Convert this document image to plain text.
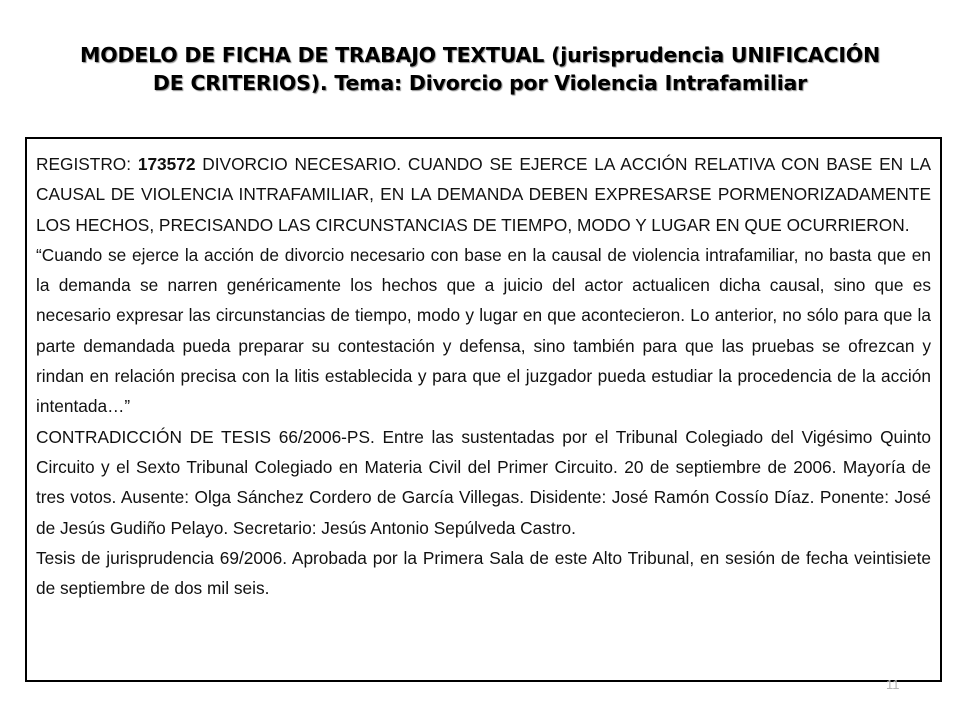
MODELO DE FICHA DE TRABAJO TEXTUAL (jurisprudencia UNIFICACIÓN
DE CRITERIOS). Tema: Divorcio por Violencia Intrafamiliar

REGISTRO: 173572 DIVORCIO NECESARIO. CUANDO SE EJERCE LA ACCIÓN RELATIVA CON BASE EN LA CAUSAL DE VIOLENCIA INTRAFAMILIAR, EN LA DEMANDA DEBEN EXPRESARSE PORMENORIZADAMENTE LOS HECHOS, PRECISANDO LAS CIRCUNSTANCIAS DE TIEMPO, MODO Y LUGAR EN QUE OCURRIERON.

“Cuando se ejerce la acción de divorcio necesario con base en la causal de violencia intrafamiliar, no basta que en la demanda se narren genéricamente los hechos que a juicio del actor actualicen dicha causal, sino que es necesario expresar las circunstancias de tiempo, modo y lugar en que acontecieron. Lo anterior, no sólo para que la parte demandada pueda preparar su contestación y defensa, sino también para que las pruebas se ofrezcan y rindan en relación precisa con la litis establecida y para que el juzgador pueda estudiar la procedencia de la acción intentada…”

CONTRADICCIÓN DE TESIS 66/2006-PS. Entre las sustentadas por el Tribunal Colegiado del Vigésimo Quinto Circuito y el Sexto Tribunal Colegiado en Materia Civil del Primer Circuito. 20 de septiembre de 2006. Mayoría de tres votos. Ausente: Olga Sánchez Cordero de García Villegas. Disidente: José Ramón Cossío Díaz. Ponente: José de Jesús Gudiño Pelayo. Secretario: Jesús Antonio Sepúlveda Castro.

Tesis de jurisprudencia 69/2006. Aprobada por la Primera Sala de este Alto Tribunal, en sesión de fecha veintisiete de septiembre de dos mil seis.

11
